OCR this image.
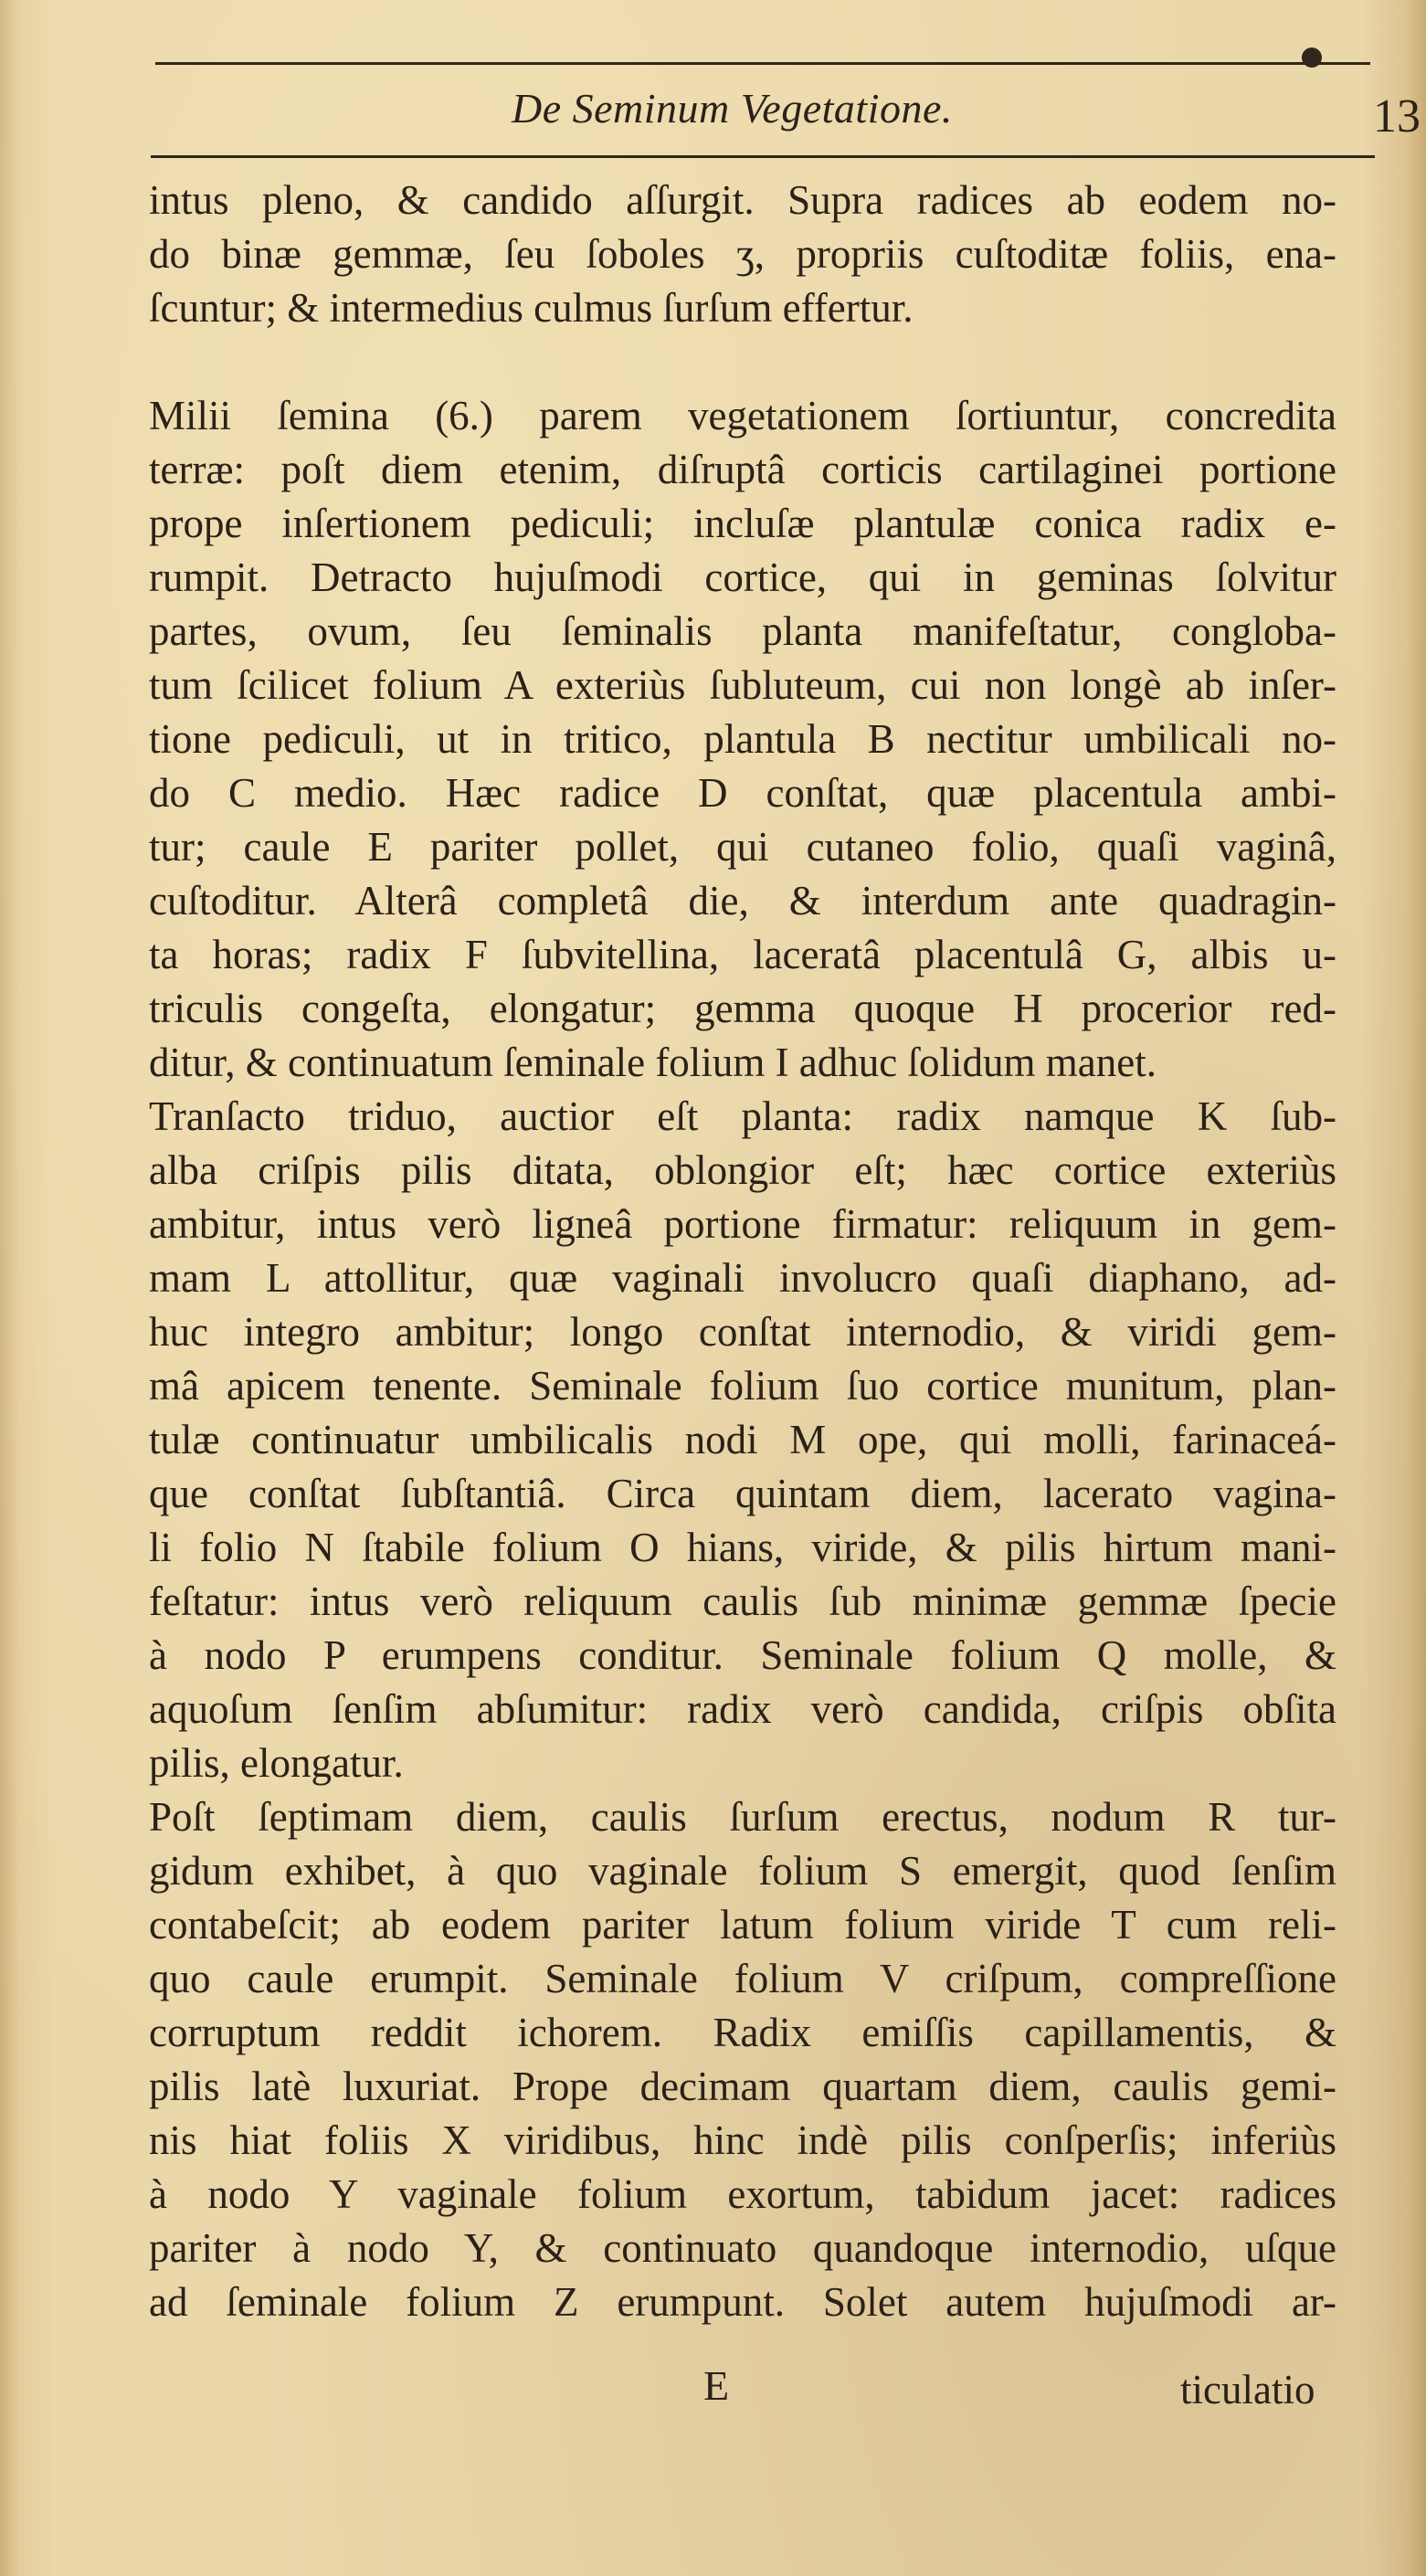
De Seminum Vegetatione.	13
intus pleno, & candido aſſurgit. Supra radices ab eodem no-
do binæ gemmæ, ſeu ſoboles ʒ, propriis cuſtoditæ foliis, ena-
ſcuntur; & intermedius culmus ſurſum effertur.
Milii ſemina (6.) parem vegetationem ſortiuntur, concredita
terræ: poſt diem etenim, diſruptâ corticis cartilaginei portione
prope inſertionem pediculi; incluſæ plantulæ conica radix e-
rumpit. Detracto hujuſmodi cortice, qui in geminas ſolvitur
partes, ovum, ſeu ſeminalis planta manifeſtatur, congloba-
tum ſcilicet folium A exteriùs ſubluteum, cui non longè ab inſer-
tione pediculi, ut in tritico, plantula B nectitur umbilicali no-
do C medio. Hæc radice D conſtat, quæ placentula ambi-
tur; caule E pariter pollet, qui cutaneo folio, quaſi vaginâ,
cuſtoditur. Alterâ completâ die, & interdum ante quadragin-
ta horas; radix F ſubvitellina, laceratâ placentulâ G, albis u-
triculis congeſta, elongatur; gemma quoque H procerior red-
ditur, & continuatum ſeminale folium I adhuc ſolidum manet.
Tranſacto triduo, auctior eſt planta: radix namque K ſub-
alba criſpis pilis ditata, oblongior eſt; hæc cortice exteriùs
ambitur, intus verò ligneâ portione firmatur: reliquum in gem-
mam L attollitur, quæ vaginali involucro quaſi diaphano, ad-
huc integro ambitur; longo conſtat internodio, & viridi gem-
mâ apicem tenente. Seminale folium ſuo cortice munitum, plan-
tulæ continuatur umbilicalis nodi M ope, qui molli, farinaceá-
que conſtat ſubſtantiâ. Circa quintam diem, lacerato vagina-
li folio N ſtabile folium O hians, viride, & pilis hirtum mani-
feſtatur: intus verò reliquum caulis ſub minimæ gemmæ ſpecie
à nodo P erumpens conditur. Seminale folium Q molle, &
aquoſum ſenſim abſumitur: radix verò candida, criſpis obſita
pilis, elongatur.
Poſt ſeptimam diem, caulis ſurſum erectus, nodum R tur-
gidum exhibet, à quo vaginale folium S emergit, quod ſenſim
contabeſcit; ab eodem pariter latum folium viride T cum reli-
quo caule erumpit. Seminale folium V criſpum, compreſſione
corruptum reddit ichorem. Radix emiſſis capillamentis, &
pilis latè luxuriat. Prope decimam quartam diem, caulis gemi-
nis hiat foliis X viridibus, hinc indè pilis conſperſis; inferiùs
à nodo Y vaginale folium exortum, tabidum jacet: radices
pariter à nodo Y, & continuato quandoque internodio, uſque
ad ſeminale folium Z erumpunt. Solet autem hujuſmodi ar-
E	ticulatio
